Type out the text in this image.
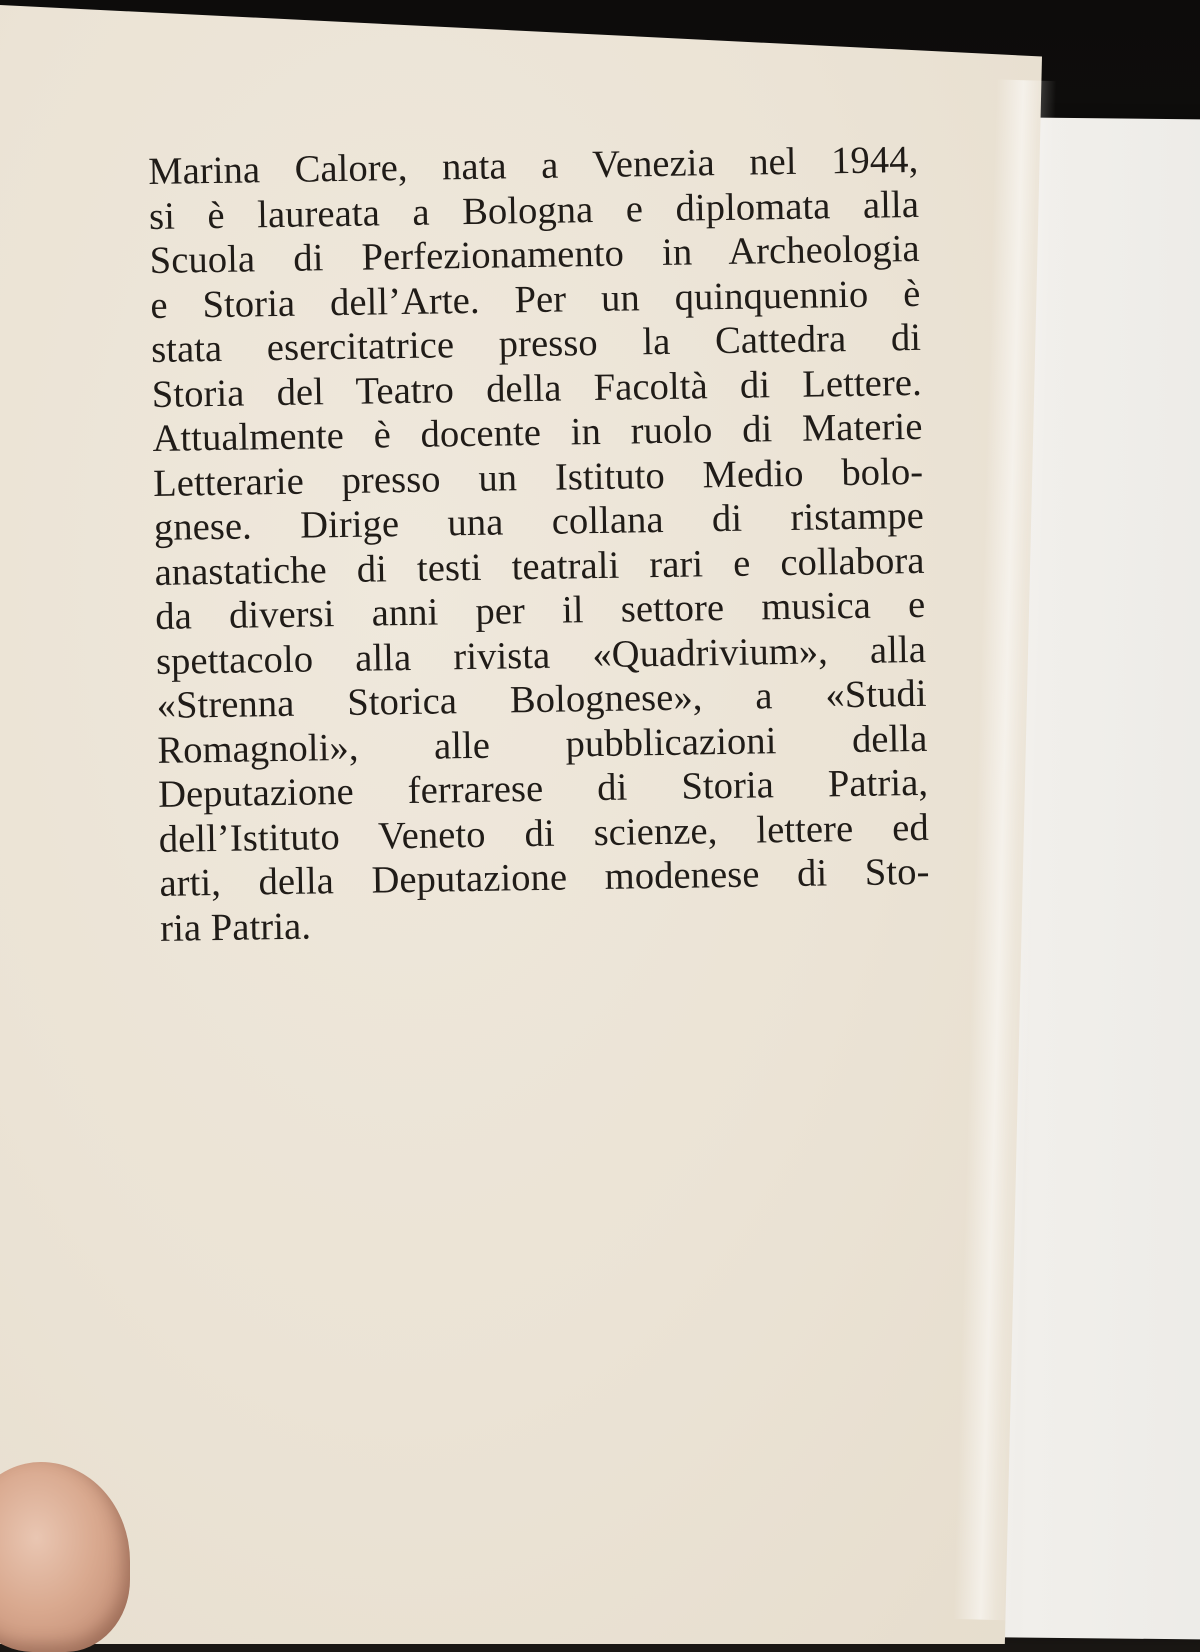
Marina Calore, nata a Venezia nel 1944,
si è laureata a Bologna e diplomata alla
Scuola di Perfezionamento in Archeologia
e Storia dell’Arte. Per un quinquennio è
stata esercitatrice presso la Cattedra di
Storia del Teatro della Facoltà di Lettere.
Attualmente è docente in ruolo di Materie
Letterarie presso un Istituto Medio bolo-
gnese. Dirige una collana di ristampe
anastatiche di testi teatrali rari e collabora
da diversi anni per il settore musica e
spettacolo alla rivista «Quadrivium», alla
«Strenna Storica Bolognese», a «Studi
Romagnoli», alle pubblicazioni della
Deputazione ferrarese di Storia Patria,
dell’Istituto Veneto di scienze, lettere ed
arti, della Deputazione modenese di Sto-
ria Patria.
